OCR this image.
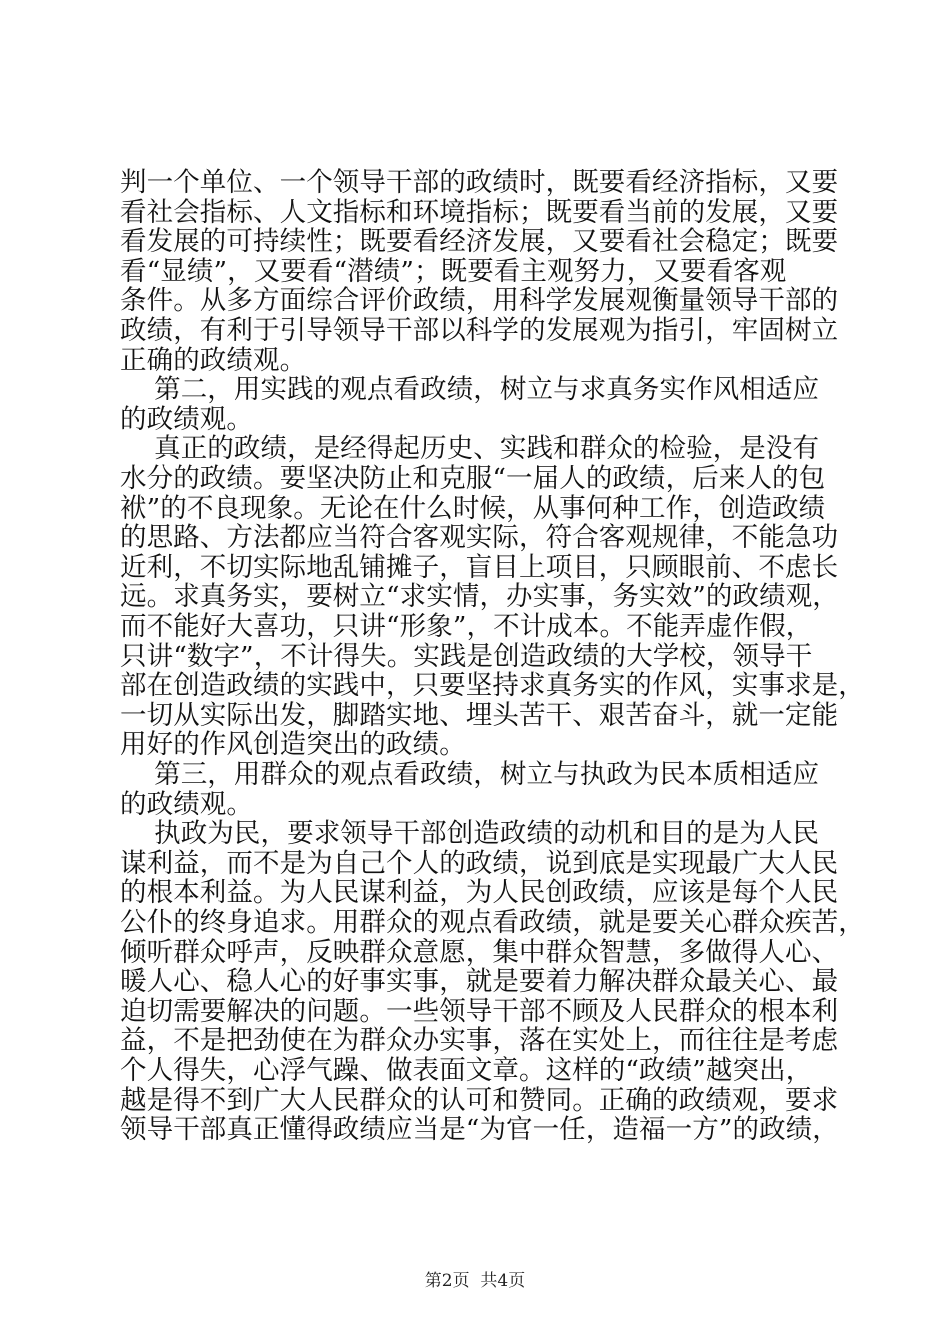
判一个单位、一个领导干部的政绩时，既要看经济指标，又要
看社会指标、人文指标和环境指标；既要看当前的发展，又要
看发展的可持续性；既要看经济发展，又要看社会稳定；既要
看“显绩”，又要看“潜绩”；既要看主观努力，又要看客观
条件。从多方面综合评价政绩，用科学发展观衡量领导干部的
政绩，有利于引导领导干部以科学的发展观为指引，牢固树立
正确的政绩观。
第二，用实践的观点看政绩，树立与求真务实作风相适应
的政绩观。
真正的政绩，是经得起历史、实践和群众的检验，是没有
水分的政绩。要坚决防止和克服“一届人的政绩，后来人的包
袱”的不良现象。无论在什么时候，从事何种工作，创造政绩
的思路、方法都应当符合客观实际，符合客观规律，不能急功
近利，不切实际地乱铺摊子，盲目上项目，只顾眼前、不虑长
远。求真务实，要树立“求实情，办实事，务实效”的政绩观，
而不能好大喜功，只讲“形象”，不计成本。不能弄虚作假，
只讲“数字”，不计得失。实践是创造政绩的大学校，领导干
部在创造政绩的实践中，只要坚持求真务实的作风，实事求是，
一切从实际出发，脚踏实地、埋头苦干、艰苦奋斗，就一定能
用好的作风创造突出的政绩。
第三，用群众的观点看政绩，树立与执政为民本质相适应
的政绩观。
执政为民，要求领导干部创造政绩的动机和目的是为人民
谋利益，而不是为自己个人的政绩，说到底是实现最广大人民
的根本利益。为人民谋利益，为人民创政绩，应该是每个人民
公仆的终身追求。用群众的观点看政绩，就是要关心群众疾苦，
倾听群众呼声，反映群众意愿，集中群众智慧，多做得人心、
暖人心、稳人心的好事实事，就是要着力解决群众最关心、最
迫切需要解决的问题。一些领导干部不顾及人民群众的根本利
益，不是把劲使在为群众办实事，落在实处上，而往往是考虑
个人得失，心浮气躁、做表面文章。这样的“政绩”越突出，
越是得不到广大人民群众的认可和赞同。正确的政绩观，要求
领导干部真正懂得政绩应当是“为官一任，造福一方”的政绩，
第2页  共4页
